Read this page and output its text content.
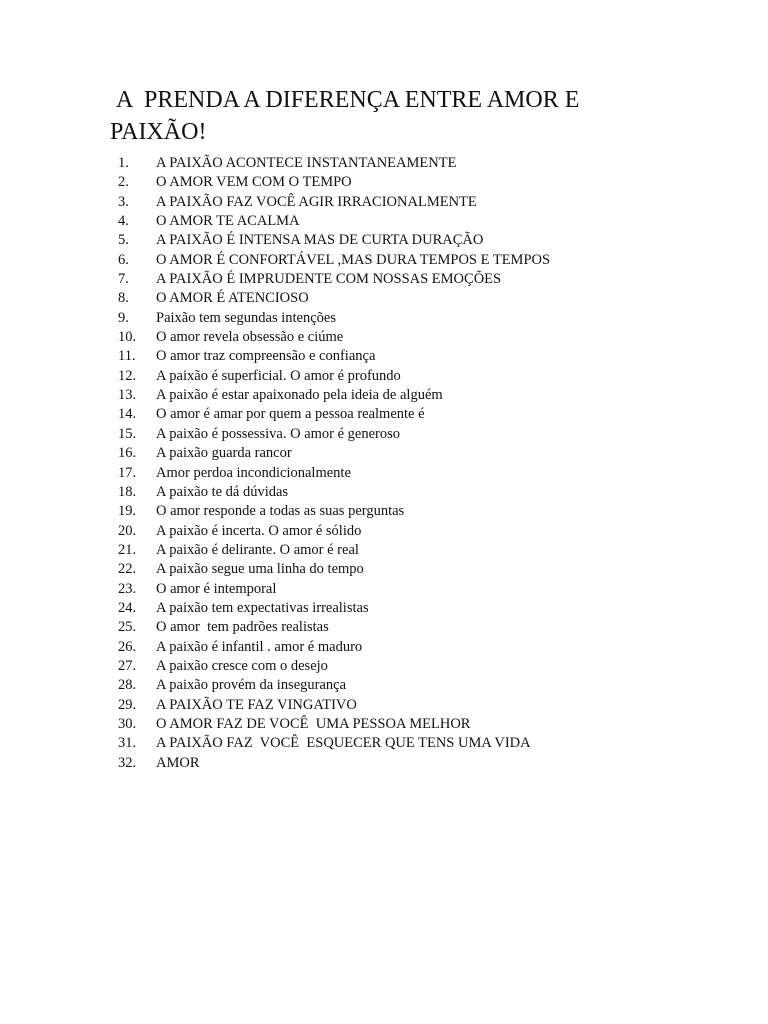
A  PRENDA A DIFERENÇA ENTRE AMOR E PAIXÃO!
1.	A PAIXÃO ACONTECE INSTANTANEAMENTE
2.	O AMOR VEM COM O TEMPO
3.	A PAIXÃO FAZ VOCÊ AGIR IRRACIONALMENTE
4.	O AMOR TE ACALMA
5.	A PAIXÃO É INTENSA MAS DE CURTA DURAÇÃO
6.	O AMOR É CONFORTÁVEL ,MAS DURA TEMPOS E TEMPOS
7.	A PAIXÃO É IMPRUDENTE COM NOSSAS EMOÇÕES
8.	O AMOR É ATENCIOSO
9.	Paixão tem segundas intenções
10.	O amor revela obsessão e ciúme
11.	O amor traz compreensão e confiança
12.	A paixão é superficial. O amor é profundo
13.	A paixão é estar apaixonado pela ideia de alguém
14.	O amor é amar por quem a pessoa realmente é
15.	A paixão é possessiva. O amor é generoso
16.	A paixão guarda rancor
17.	Amor perdoa incondicionalmente
18.	A paixão te dá dúvidas
19.	O amor responde a todas as suas perguntas
20.	A paixão é incerta. O amor é sólido
21.	A paixão é delirante. O amor é real
22.	A paixão segue uma linha do tempo
23.	O amor é intemporal
24.	A paixão tem expectativas irrealistas
25.	O amor  tem padrões realistas
26.	A paixão é infantil . amor é maduro
27.	A paixão cresce com o desejo
28.	A paixão provém da insegurança
29.	A PAIXÃO TE FAZ VINGATIVO
30.	O AMOR FAZ DE VOCÊ  UMA PESSOA MELHOR
31.	A PAIXÃO FAZ  VOCÊ  ESQUECER QUE TENS UMA VIDA
32.	AMOR
